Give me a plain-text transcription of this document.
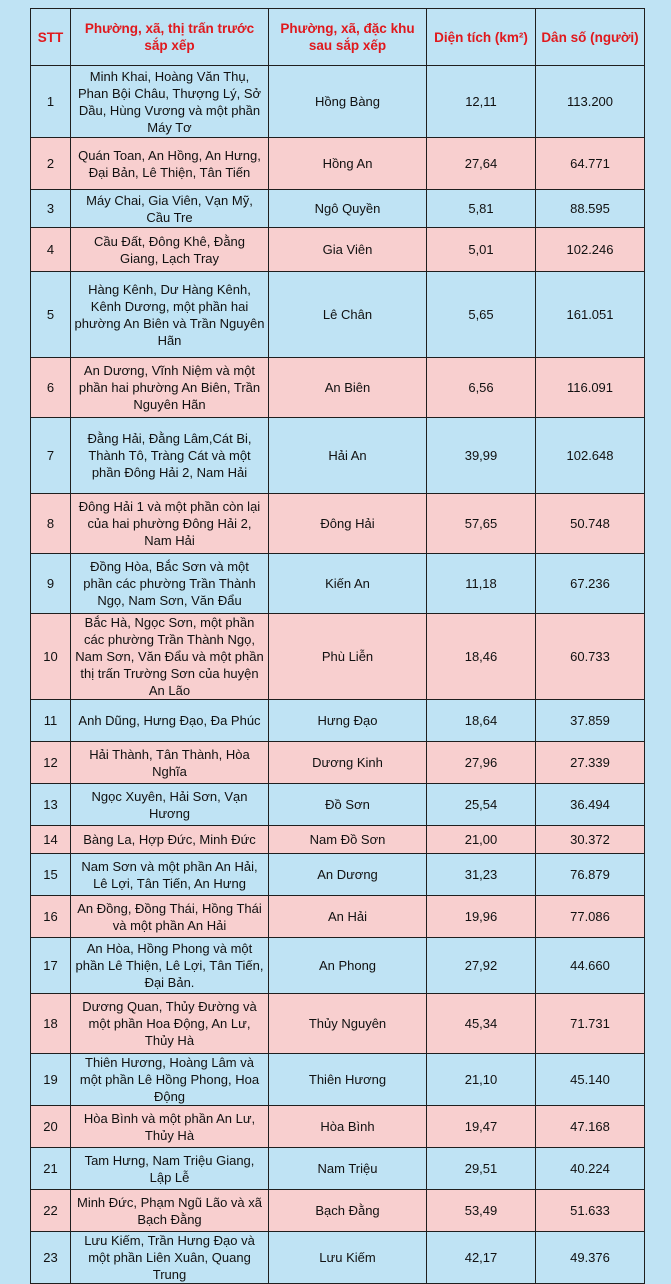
STT	Phường, xã, thị trấn trước sắp xếp	Phường, xã, đặc khu sau sắp xếp	Diện tích (km²)	Dân số (người)
1	Minh Khai, Hoàng Văn Thụ, Phan Bội Châu, Thượng Lý, Sở Dầu, Hùng Vương và một phần Máy Tơ	Hồng Bàng	12,11	113.200
2	Quán Toan, An Hồng, An Hưng, Đại Bản, Lê Thiện, Tân Tiến	Hồng An	27,64	64.771
3	Máy Chai, Gia Viên, Vạn Mỹ, Cầu Tre	Ngô Quyền	5,81	88.595
4	Cầu Đất, Đông Khê, Đằng Giang, Lạch Tray	Gia Viên	5,01	102.246
5	Hàng Kênh, Dư Hàng Kênh, Kênh Dương, một phần hai phường An Biên và Trần Nguyên Hãn	Lê Chân	5,65	161.051
6	An Dương, Vĩnh Niệm và một phần hai phường An Biên, Trần Nguyên Hãn	An Biên	6,56	116.091
7	Đằng Hải, Đằng Lâm,Cát Bi, Thành Tô, Tràng Cát và một phần Đông Hải 2, Nam Hải	Hải An	39,99	102.648
8	Đông Hải 1 và một phần còn lại của hai phường Đông Hải 2, Nam Hải	Đông Hải	57,65	50.748
9	Đồng Hòa, Bắc Sơn và một phần các phường Trần Thành Ngọ, Nam Sơn, Văn Đẩu	Kiến An	11,18	67.236
10	Bắc Hà, Ngọc Sơn, một phần các phường Trần Thành Ngọ, Nam Sơn, Văn Đẩu và một phần thị trấn Trường Sơn của huyện An Lão	Phù Liễn	18,46	60.733
11	Anh Dũng, Hưng Đạo, Đa Phúc	Hưng Đạo	18,64	37.859
12	Hải Thành, Tân Thành, Hòa Nghĩa	Dương Kinh	27,96	27.339
13	Ngọc Xuyên, Hải Sơn, Vạn Hương	Đồ Sơn	25,54	36.494
14	Bàng La, Hợp Đức, Minh Đức	Nam Đồ Sơn	21,00	30.372
15	Nam Sơn và một phần An Hải, Lê Lợi, Tân Tiến, An Hưng	An Dương	31,23	76.879
16	An Đồng, Đồng Thái, Hồng Thái và một phần An Hải	An Hải	19,96	77.086
17	An Hòa, Hồng Phong và một phần Lê Thiện, Lê Lợi, Tân Tiến, Đại Bản.	An Phong	27,92	44.660
18	Dương Quan, Thủy Đường và một phần Hoa Động, An Lư, Thủy Hà	Thủy Nguyên	45,34	71.731
19	Thiên Hương, Hoàng Lâm và một phần Lê Hồng Phong, Hoa Động	Thiên Hương	21,10	45.140
20	Hòa Bình và một phần An Lư, Thủy Hà	Hòa Bình	19,47	47.168
21	Tam Hưng, Nam Triệu Giang, Lập Lễ	Nam Triệu	29,51	40.224
22	Minh Đức, Phạm Ngũ Lão và xã Bạch Đằng	Bạch Đằng	53,49	51.633
23	Lưu Kiếm, Trần Hưng Đạo và một phần Liên Xuân, Quang Trung	Lưu Kiếm	42,17	49.376
